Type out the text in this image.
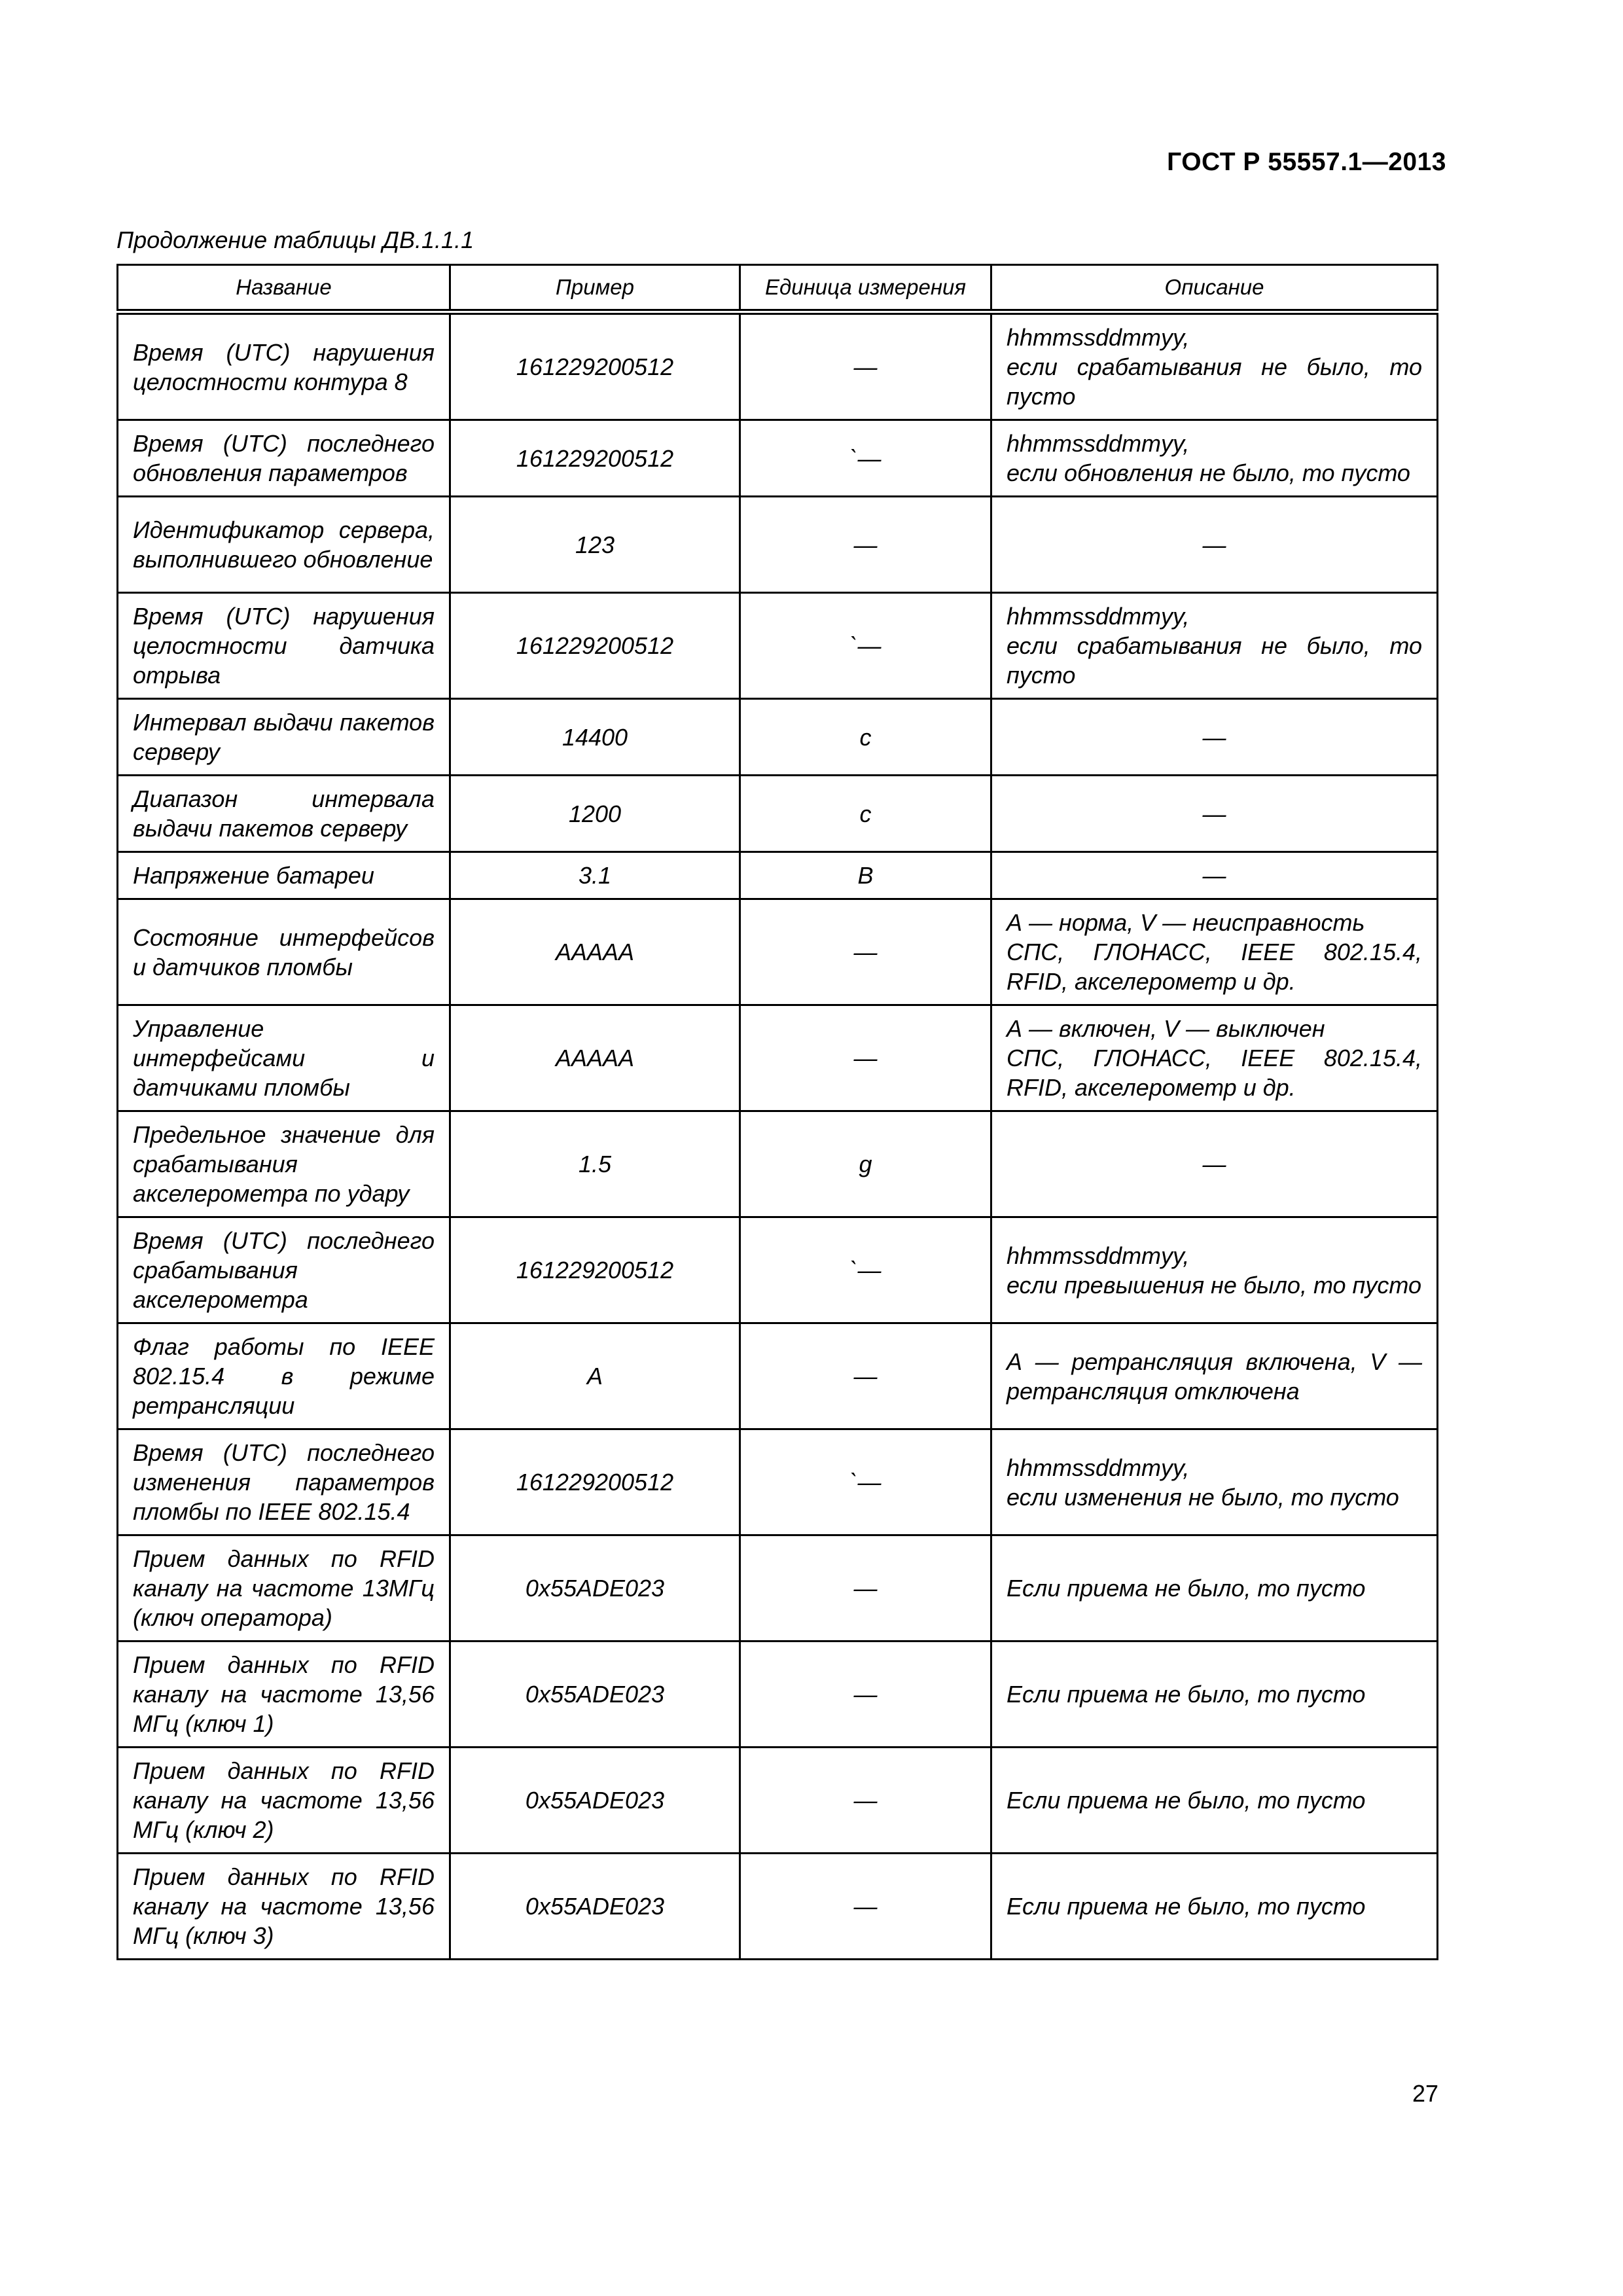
ГОСТ Р 55557.1—2013
Продолжение таблицы ДВ.1.1.1
Название	Пример	Единица измерения	Описание
Время (UTC) нарушения целостности контура 8	161229200512	—	hhmmssddmmyy,
если срабатывания не было, то пусто

Время (UTC) последнего обновления параметров	161229200512	`—	hhmmssddmmyy,
если обновления не было, то пусто

Идентификатор сервера, выполнившего обновление	123	—	—

Время (UTC) нарушения целостности датчика отрыва	161229200512	`—	hhmmssddmmyy,
если срабатывания не было, то пусто

Интервал выдачи пакетов серверу	14400	с	—

Диапазон интервала выдачи пакетов серверу	1200	с	—

Напряжение батареи	3.1	В	—

Состояние интерфейсов и датчиков пломбы	AAAAA	—	А — норма, V — неисправность
СПС, ГЛОНАСС, IEEE 802.15.4, RFID, акселерометр и др.

Управление интерфейсами и датчиками пломбы	AAAAA	—	А — включен, V — выключен
СПС, ГЛОНАСС, IEEE 802.15.4, RFID, акселерометр и др.

Предельное значение для срабатывания акселерометра по удару	1.5	g	—

Время (UTC) последнего срабатывания акселерометра	161229200512	`—	hhmmssddmmyy,
если превышения не было, то пусто

Флаг работы по IEEE 802.15.4 в режиме ретрансляции	A	—	А — ретрансляция включена, V — ретрансляция отключена

Время (UTC) последнего изменения параметров пломбы по IEEE 802.15.4	161229200512	`—	hhmmssddmmyy,
если изменения не было, то пусто

Прием данных по RFID каналу на частоте 13МГц (ключ оператора)	0x55ADE023	—	Если приема не было, то пусто

Прием данных по RFID каналу на частоте 13,56 МГц (ключ 1)	0x55ADE023	—	Если приема не было, то пусто

Прием данных по RFID каналу на частоте 13,56 МГц (ключ 2)	0x55ADE023	—	Если приема не было, то пусто

Прием данных по RFID каналу на частоте 13,56 МГц (ключ 3)	0x55ADE023	—	Если приема не было, то пусто
27
